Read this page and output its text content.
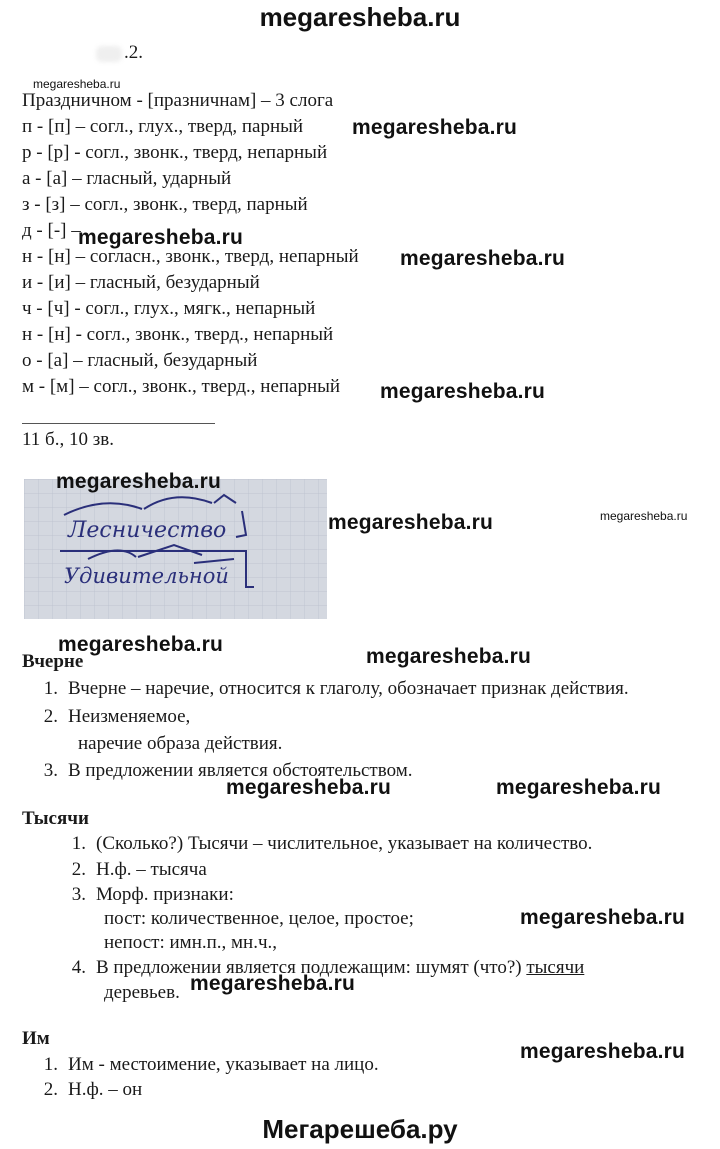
megaresheba.ru
.2.
megaresheba.ru
Праздничном - [празничнам] – 3 слога
п - [п] – согл., глух., тверд, парный
р - [р] - согл., звонк., тверд, непарный
а - [а] – гласный, ударный
з - [з] – согл., звонк., тверд, парный
д - [-] –
н - [н] – согласн., звонк., тверд, непарный
и - [и] – гласный, безударный
ч - [ч] - согл., глух., мягк., непарный
н - [н] - согл., звонк., тверд., непарный
о - [а] – гласный, безударный
м - [м] – согл., звонк., тверд., непарный
megaresheba.ru
megaresheba.ru
megaresheba.ru
megaresheba.ru
11 б., 10 зв.
Лесничество
Удивительной
megaresheba.ru	megaresheba.ru
megaresheba.ru
megaresheba.ru
Вчерне	megaresheba.ru
1. Вчерне – наречие, относится к глаголу, обозначает признак действия.
2. Неизменяемое,
наречие образа действия.
3. В предложении является обстоятельством.
megaresheba.ru	megaresheba.ru
Тысячи
1. (Сколько?) Тысячи – числительное, указывает на количество.
2. Н.ф. – тысяча
3. Морф. признаки:
пост: количественное, целое, простое;
непост: имн.п., мн.ч.,
megaresheba.ru
4. В предложении является подлежащим: шумят (что?) тысячи
деревьев. megaresheba.ru
Им
megaresheba.ru
1. Им - местоимение, указывает на лицо.
2. Н.ф. – он
Мегарешеба.ру
